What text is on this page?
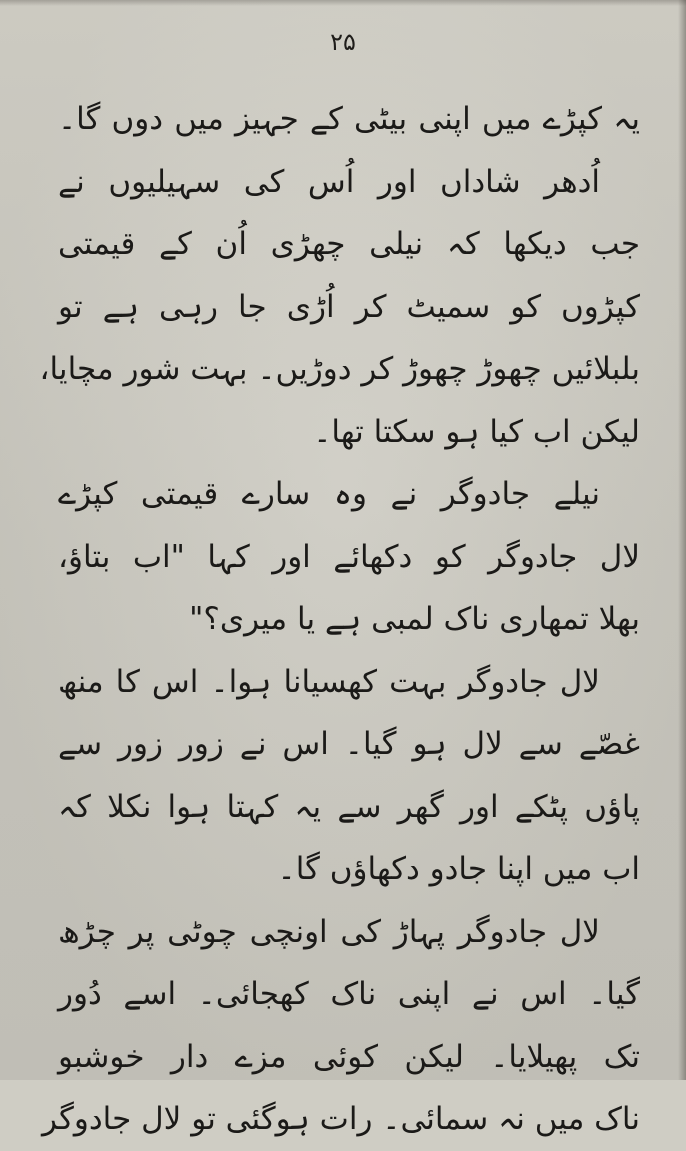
۲۵
یہ کپڑے میں اپنی بیٹی کے جہیز میں دوں گا۔
اُدھر شاداں اور اُس کی سہیلیوں نے
جب دیکھا کہ نیلی چھڑی اُن کے قیمتی
کپڑوں کو سمیٹ کر اُڑی جا رہی ہے تو
بلبلائیں چھوڑ چھوڑ کر دوڑیں۔ بہت شور مچایا،
لیکن اب کیا ہو سکتا تھا۔
نیلے جادوگر نے وہ سارے قیمتی کپڑے
لال جادوگر کو دکھائے اور کہا "اب بتاؤ،
بھلا تمھاری ناک لمبی ہے یا میری؟"
لال جادوگر بہت کھسیانا ہوا۔ اس کا منھ
غصّے سے لال ہو گیا۔ اس نے زور زور سے
پاؤں پٹکے اور گھر سے یہ کہتا ہوا نکلا کہ
اب میں اپنا جادو دکھاؤں گا۔
لال جادوگر پہاڑ کی اونچی چوٹی پر چڑھ
گیا۔ اس نے اپنی ناک کھجائی۔ اسے دُور
تک پھیلایا۔ لیکن کوئی مزے دار خوشبو
ناک میں نہ سمائی۔ رات ہوگئی تو لال جادوگر
